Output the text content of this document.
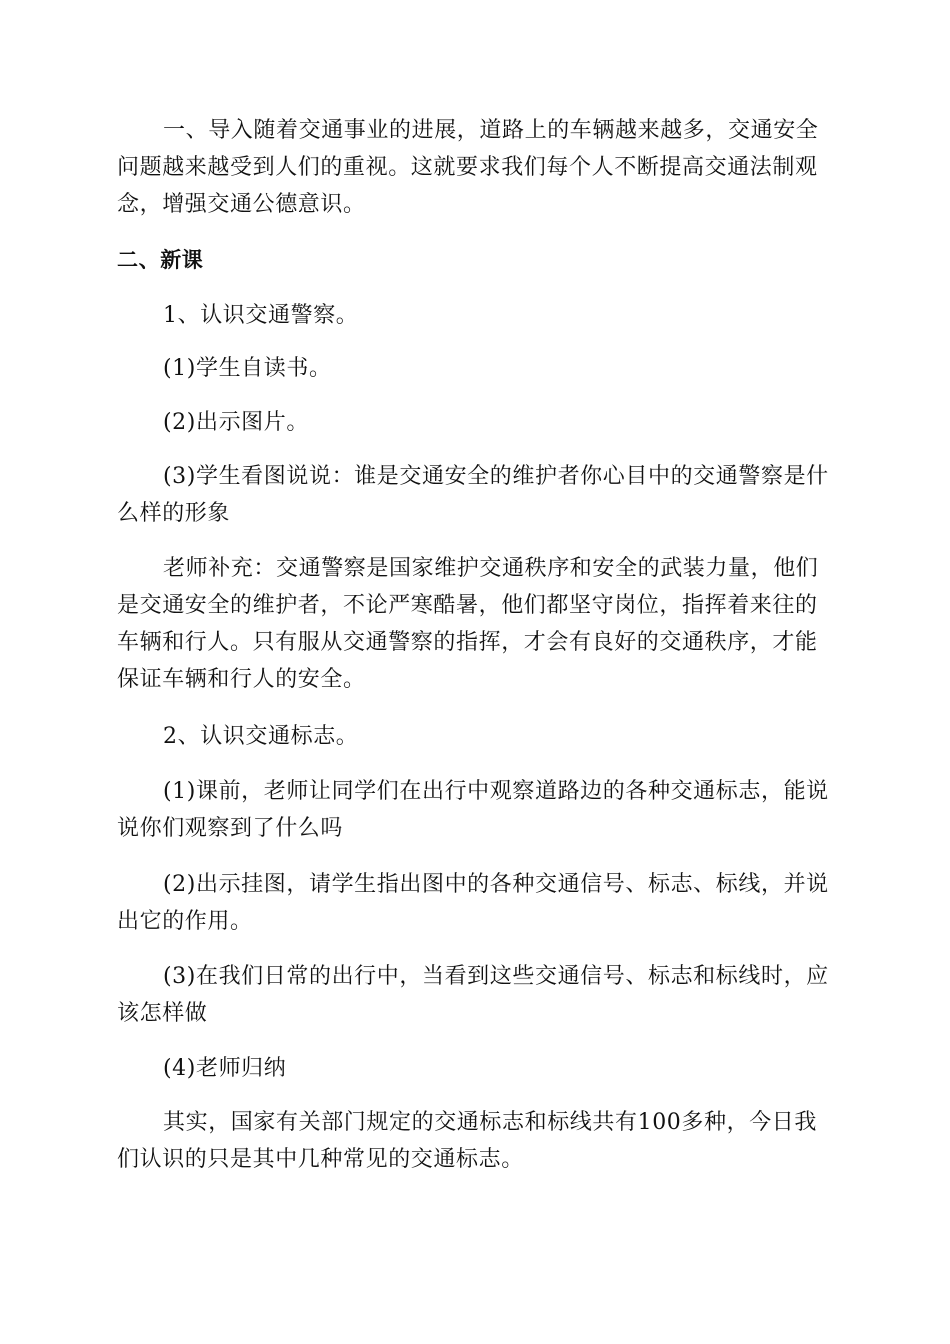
一、导入随着交通事业的进展，道路上的车辆越来越多，交通安全问题越来越受到人们的重视。这就要求我们每个人不断提高交通法制观念，增强交通公德意识。

二、新课

1、认识交通警察。

(1)学生自读书。

(2)出示图片。

(3)学生看图说说：谁是交通安全的维护者你心目中的交通警察是什么样的形象

老师补充：交通警察是国家维护交通秩序和安全的武装力量，他们是交通安全的维护者，不论严寒酷暑，他们都坚守岗位，指挥着来往的车辆和行人。只有服从交通警察的指挥，才会有良好的交通秩序，才能保证车辆和行人的安全。

2、认识交通标志。

(1)课前，老师让同学们在出行中观察道路边的各种交通标志，能说说你们观察到了什么吗

(2)出示挂图，请学生指出图中的各种交通信号、标志、标线，并说出它的作用。

(3)在我们日常的出行中，当看到这些交通信号、标志和标线时，应该怎样做

(4)老师归纳

其实，国家有关部门规定的交通标志和标线共有100多种，今日我们认识的只是其中几种常见的交通标志。
